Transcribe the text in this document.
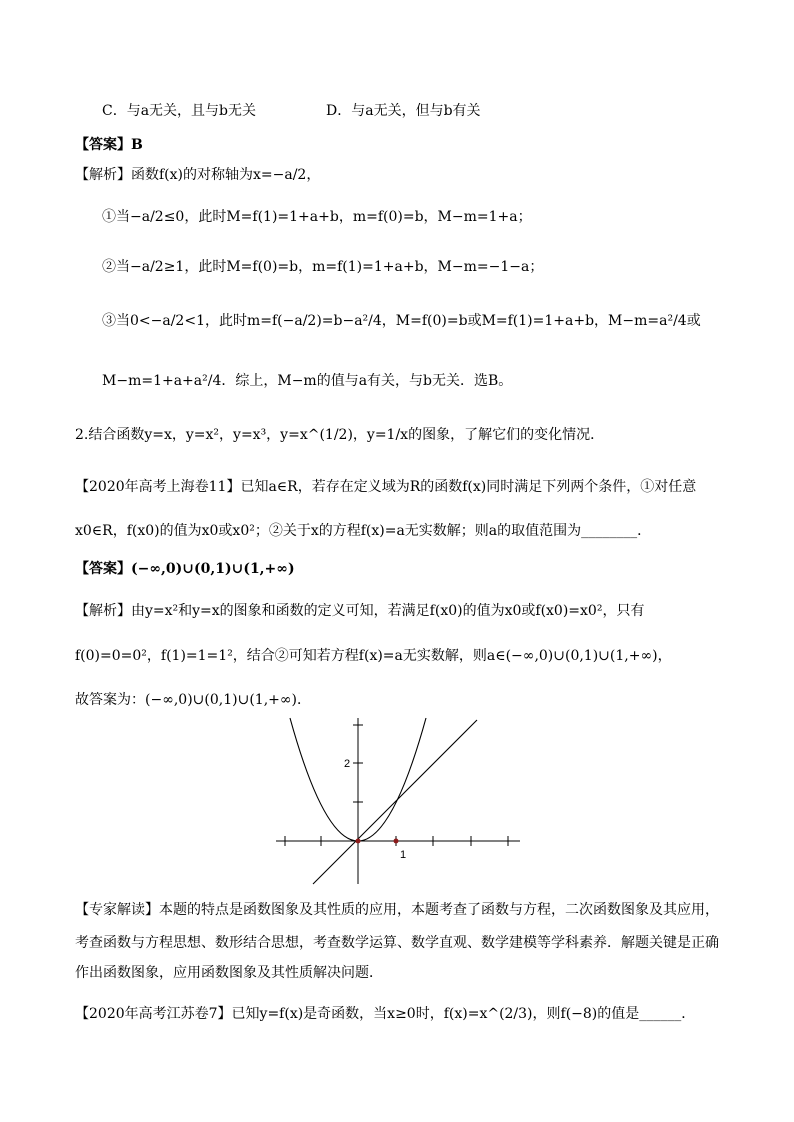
C．与a无关，且与b无关	D．与a无关，但与b有关
【答案】B
【解析】函数f(x)的对称轴为x=−a/2，
①当−a/2≤0，此时M=f(1)=1+a+b，m=f(0)=b，M−m=1+a；
②当−a/2≥1，此时M=f(0)=b，m=f(1)=1+a+b，M−m=−1−a；
③当0<−a/2<1，此时m=f(−a/2)=b−a²/4，M=f(0)=b或M=f(1)=1+a+b，M−m=a²/4或
M−m=1+a+a²/4．综上，M−m的值与a有关，与b无关．选B。
2.结合函数y=x，y=x²，y=x³，y=x^(1/2)，y=1/x的图象，了解它们的变化情况．
【2020年高考上海卷11】已知a∈R，若存在定义域为R的函数f(x)同时满足下列两个条件，①对任意
x0∈R，f(x0)的值为x0或x0²；②关于x的方程f(x)=a无实数解；则a的取值范围为________．
【答案】(−∞,0)∪(0,1)∪(1,+∞)
【解析】由y=x²和y=x的图象和函数的定义可知，若满足f(x0)的值为x0或f(x0)=x0²，只有
f(0)=0=0²，f(1)=1=1²，结合②可知若方程f(x)=a无实数解，则a∈(−∞,0)∪(0,1)∪(1,+∞)，
故答案为：(−∞,0)∪(0,1)∪(1,+∞)．
2
1
【专家解读】本题的特点是函数图象及其性质的应用，本题考查了函数与方程，二次函数图象及其应用，
考查函数与方程思想、数形结合思想，考查数学运算、数学直观、数学建模等学科素养．解题关键是正确
作出函数图象，应用函数图象及其性质解决问题．
【2020年高考江苏卷7】已知y=f(x)是奇函数，当x≥0时，f(x)=x^(2/3)，则f(−8)的值是______．
